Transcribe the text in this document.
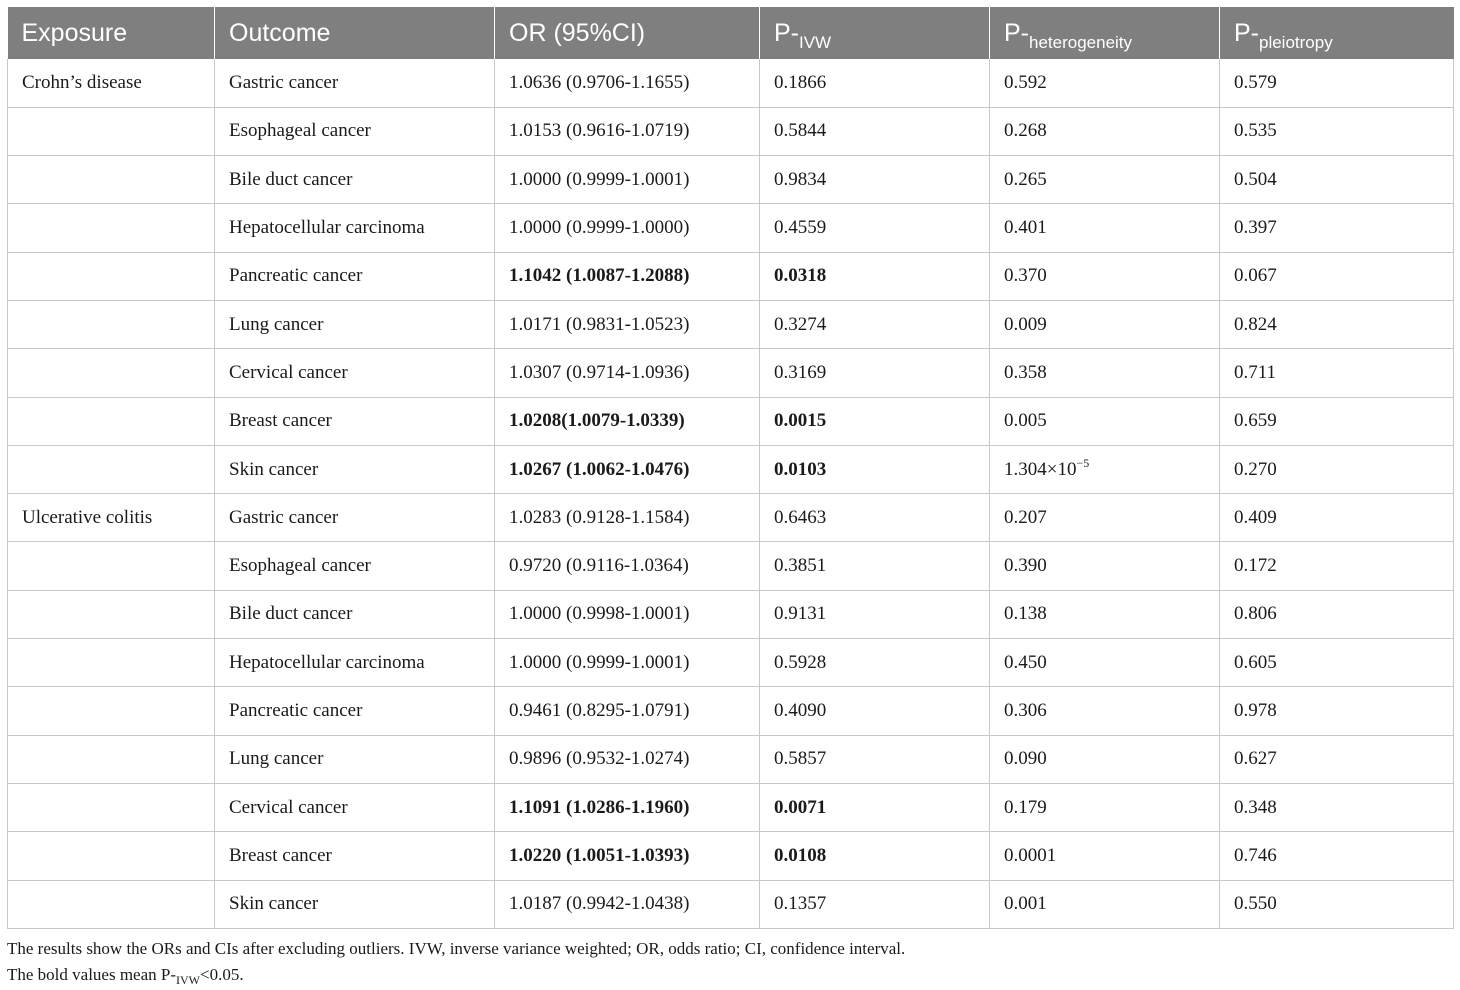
Exposure	Outcome	OR (95%CI)	$P-_{IVW}$	$P-_{heterogeneity}$	$P-_{pleiotropy}$
Crohn’s disease	Gastric cancer	1.0636 (0.9706-1.1655)	0.1866	0.592	0.579
	Esophageal cancer	1.0153 (0.9616-1.0719)	0.5844	0.268	0.535
	Bile duct cancer	1.0000 (0.9999-1.0001)	0.9834	0.265	0.504
	Hepatocellular carcinoma	1.0000 (0.9999-1.0000)	0.4559	0.401	0.397
	Pancreatic cancer	1.1042 (1.0087-1.2088)	0.0318	0.370	0.067
	Lung cancer	1.0171 (0.9831-1.0523)	0.3274	0.009	0.824
	Cervical cancer	1.0307 (0.9714-1.0936)	0.3169	0.358	0.711
	Breast cancer	1.0208(1.0079-1.0339)	0.0015	0.005	0.659
	Skin cancer	1.0267 (1.0062-1.0476)	0.0103	$1.304\times 10^{-5}$	0.270
Ulcerative colitis	Gastric cancer	1.0283 (0.9128-1.1584)	0.6463	0.207	0.409
	Esophageal cancer	0.9720 (0.9116-1.0364)	0.3851	0.390	0.172
	Bile duct cancer	1.0000 (0.9998-1.0001)	0.9131	0.138	0.806
	Hepatocellular carcinoma	1.0000 (0.9999-1.0001)	0.5928	0.450	0.605
	Pancreatic cancer	0.9461 (0.8295-1.0791)	0.4090	0.306	0.978
	Lung cancer	0.9896 (0.9532-1.0274)	0.5857	0.090	0.627
	Cervical cancer	1.1091 (1.0286-1.1960)	0.0071	0.179	0.348
	Breast cancer	1.0220 (1.0051-1.0393)	0.0108	0.0001	0.746
	Skin cancer	1.0187 (0.9942-1.0438)	0.1357	0.001	0.550
The results show the ORs and CIs after excluding outliers. IVW, inverse variance weighted; OR, odds ratio; CI, confidence interval.
The bold values mean $P-_{IVW}<0.05$.
